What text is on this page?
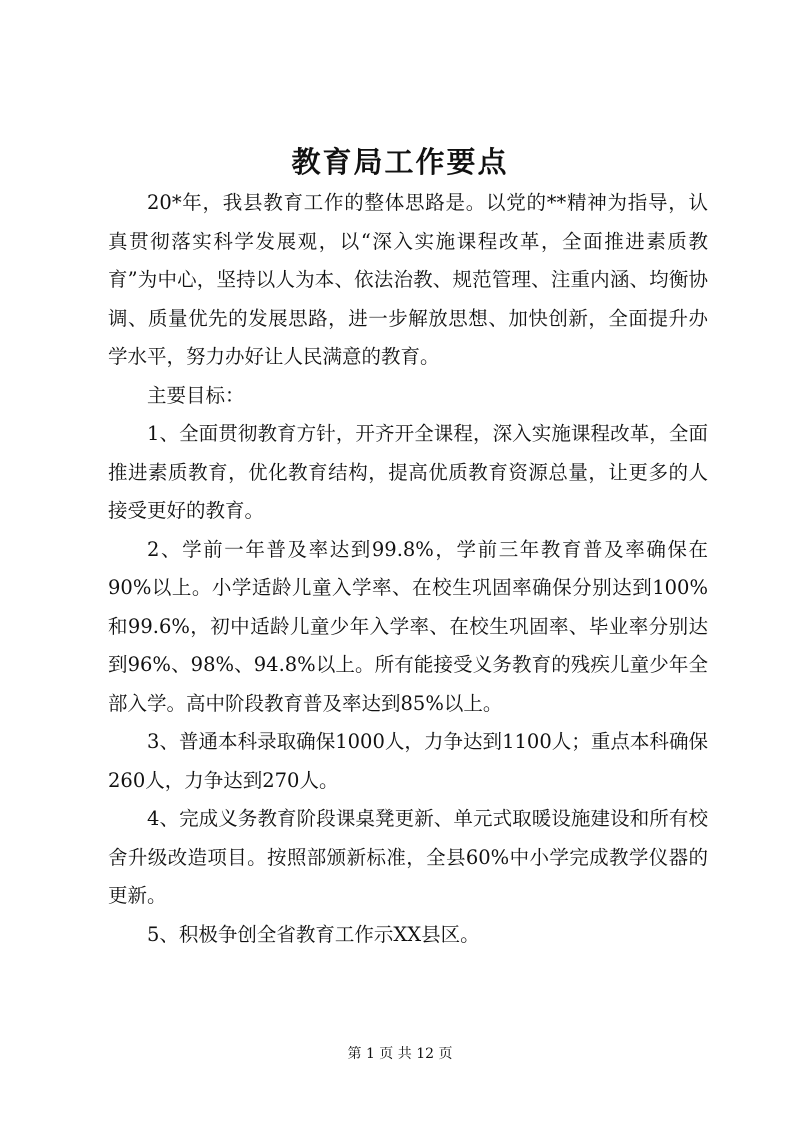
教育局工作要点

20*年，我县教育工作的整体思路是。以党的**精神为指导，认真贯彻落实科学发展观，以“深入实施课程改革，全面推进素质教育”为中心，坚持以人为本、依法治教、规范管理、注重内涵、均衡协调、质量优先的发展思路，进一步解放思想、加快创新，全面提升办学水平，努力办好让人民满意的教育。

主要目标：

1、全面贯彻教育方针，开齐开全课程，深入实施课程改革，全面推进素质教育，优化教育结构，提高优质教育资源总量，让更多的人接受更好的教育。

2、学前一年普及率达到99.8%，学前三年教育普及率确保在90%以上。小学适龄儿童入学率、在校生巩固率确保分别达到100%和99.6%，初中适龄儿童少年入学率、在校生巩固率、毕业率分别达到96%、98%、94.8%以上。所有能接受义务教育的残疾儿童少年全部入学。高中阶段教育普及率达到85%以上。

3、普通本科录取确保1000人，力争达到1100人；重点本科确保260人，力争达到270人。

4、完成义务教育阶段课桌凳更新、单元式取暖设施建设和所有校舍升级改造项目。按照部颁新标准，全县60%中小学完成教学仪器的更新。

5、积极争创全省教育工作示XX县区。

第 1 页 共 12 页
